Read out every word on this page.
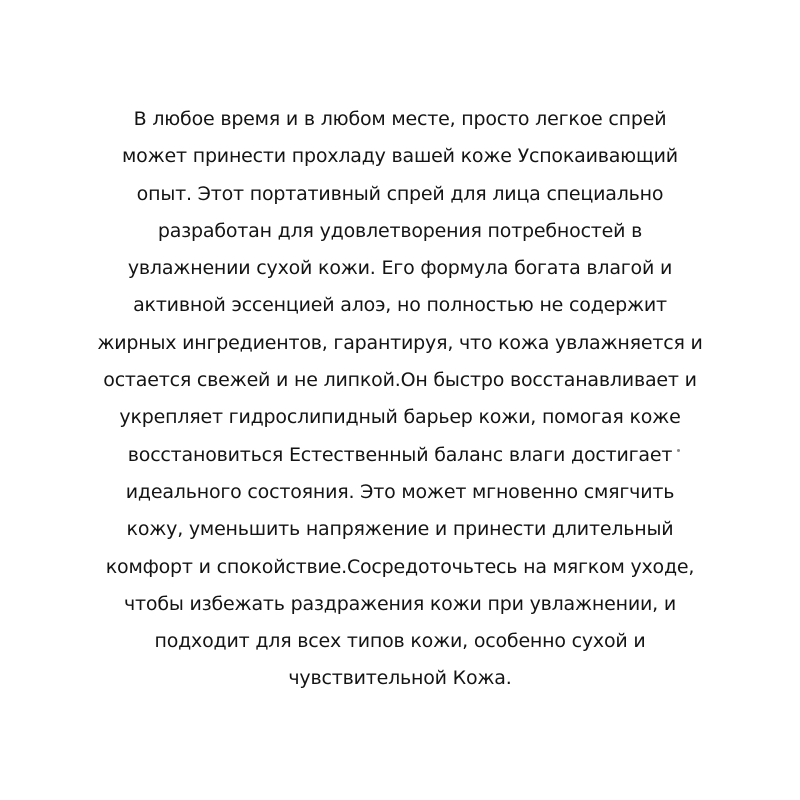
В любое время и в любом месте, просто легкое спрей
может принести прохладу вашей коже Успокаивающий
опыт. Этот портативный спрей для лица специально
разработан для удовлетворения потребностей в
увлажнении сухой кожи. Его формула богата влагой и
активной эссенцией алоэ, но полностью не содержит
жирных ингредиентов, гарантируя, что кожа увлажняется и
остается свежей и не липкой.Он быстро восстанавливает и
укрепляет гидрослипидный барьер кожи, помогая коже
восстановиться Естественный баланс влаги достигает
идеального состояния. Это может мгновенно смягчить
кожу, уменьшить напряжение и принести длительный
комфорт и спокойствие.Сосредоточьтесь на мягком уходе,
чтобы избежать раздражения кожи при увлажнении, и
подходит для всех типов кожи, особенно сухой и
чувствительной Кожа.
